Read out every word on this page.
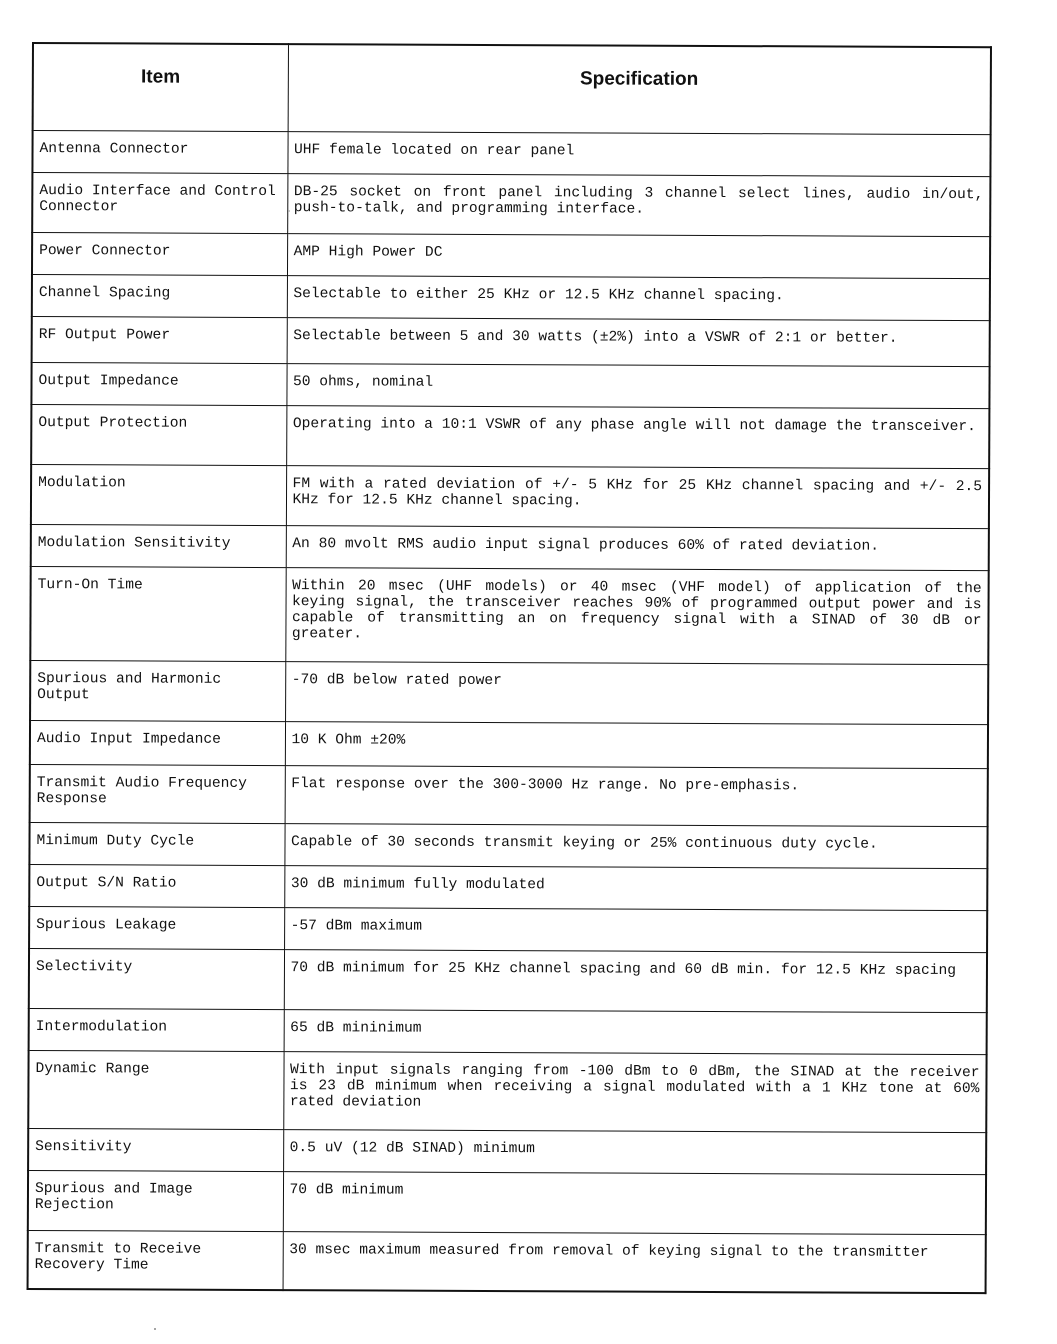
Item	Specification
Antenna Connector	UHF female located on rear panel
Audio Interface and Control Connector	DB-25 socket on front panel including 3 channel select lines, audio in/out, push-to-talk, and programming interface.
Power Connector	AMP High Power DC
Channel Spacing	Selectable to either 25 KHz or 12.5 KHz channel spacing.
RF Output Power	Selectable between 5 and 30 watts (±2%) into a VSWR of 2:1 or better.
Output Impedance	50 ohms, nominal
Output Protection	Operating into a 10:1 VSWR of any phase angle will not damage the transceiver.
Modulation	FM with a rated deviation of +/- 5 KHz for 25 KHz channel spacing and +/- 2.5 KHz for 12.5 KHz channel spacing.
Modulation Sensitivity	An 80 mvolt RMS audio input signal produces 60% of rated deviation.
Turn-On Time	Within 20 msec (UHF models) or 40 msec (VHF model) of application of the keying signal, the transceiver reaches 90% of programmed output power and is capable of transmitting an on frequency signal with a SINAD of 30 dB or greater.
Spurious and Harmonic Output	-70 dB below rated power
Audio Input Impedance	10 K Ohm ±20%
Transmit Audio Frequency Response	Flat response over the 300-3000 Hz range. No pre-emphasis.
Minimum Duty Cycle	Capable of 30 seconds transmit keying or 25% continuous duty cycle.
Output S/N Ratio	30 dB minimum fully modulated
Spurious Leakage	-57 dBm maximum
Selectivity	70 dB minimum for 25 KHz channel spacing and 60 dB min. for 12.5 KHz spacing
Intermodulation	65 dB mininimum
Dynamic Range	With input signals ranging from -100 dBm to 0 dBm, the SINAD at the receiver is 23 dB minimum when receiving a signal modulated with a 1 KHz tone at 60% rated deviation
Sensitivity	0.5 uV (12 dB SINAD) minimum
Spurious and Image Rejection	70 dB minimum
Transmit to Receive Recovery Time	30 msec maximum measured from removal of keying signal to the transmitter
